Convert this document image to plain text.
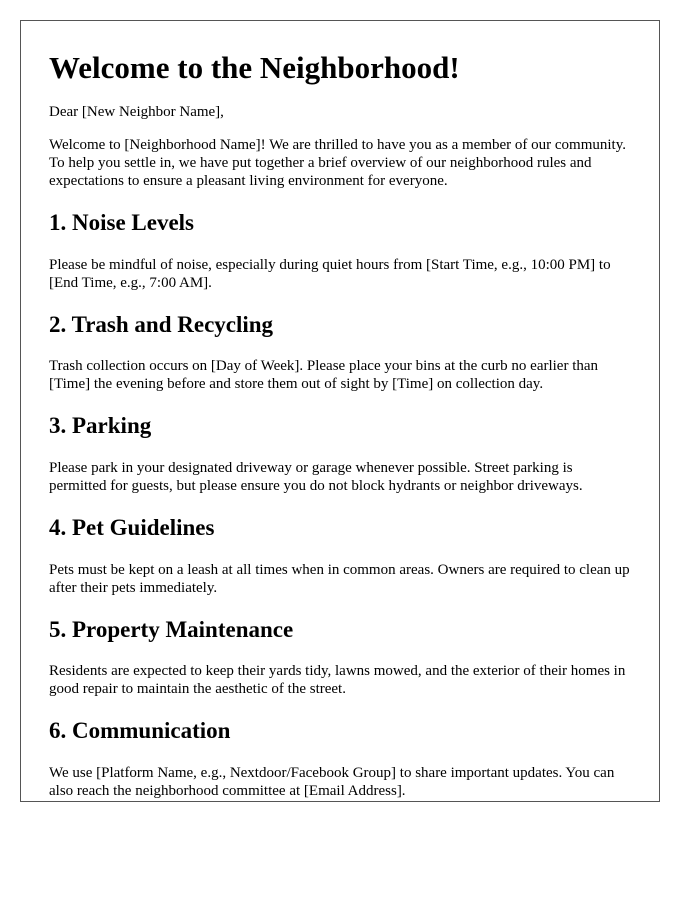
Welcome to the Neighborhood!

Dear [New Neighbor Name],

Welcome to [Neighborhood Name]! We are thrilled to have you as a member of our community. To help you settle in, we have put together a brief overview of our neighborhood rules and expectations to ensure a pleasant living environment for everyone.

1. Noise Levels

Please be mindful of noise, especially during quiet hours from [Start Time, e.g., 10:00 PM] to [End Time, e.g., 7:00 AM].

2. Trash and Recycling

Trash collection occurs on [Day of Week]. Please place your bins at the curb no earlier than [Time] the evening before and store them out of sight by [Time] on collection day.

3. Parking

Please park in your designated driveway or garage whenever possible. Street parking is permitted for guests, but please ensure you do not block hydrants or neighbor driveways.

4. Pet Guidelines

Pets must be kept on a leash at all times when in common areas. Owners are required to clean up after their pets immediately.

5. Property Maintenance

Residents are expected to keep their yards tidy, lawns mowed, and the exterior of their homes in good repair to maintain the aesthetic of the street.

6. Communication

We use [Platform Name, e.g., Nextdoor/Facebook Group] to share important updates. You can also reach the neighborhood committee at [Email Address].
